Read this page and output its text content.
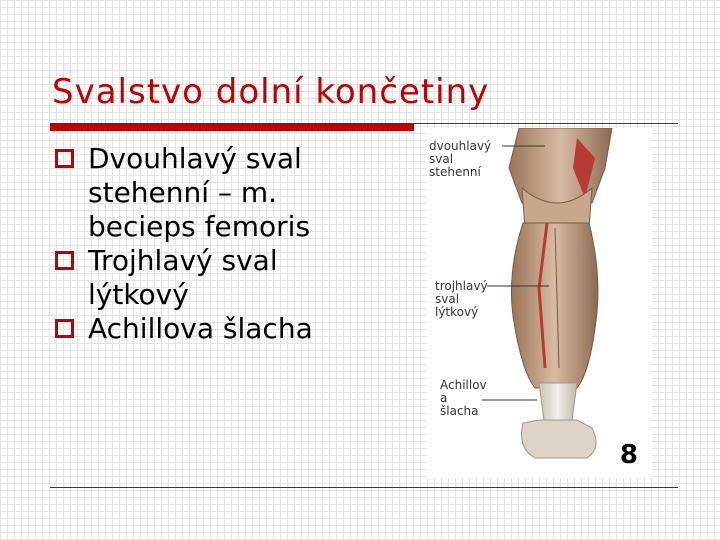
Svalstvo dolní končetiny
Dvouhlavý sval stehenní – m. becieps femoris
Trojhlavý sval lýtkový
Achillova šlacha
dvouhlavý
sval
stehenní
trojhlavý
sval
lýtkový
Achillov
a
šlacha
8
